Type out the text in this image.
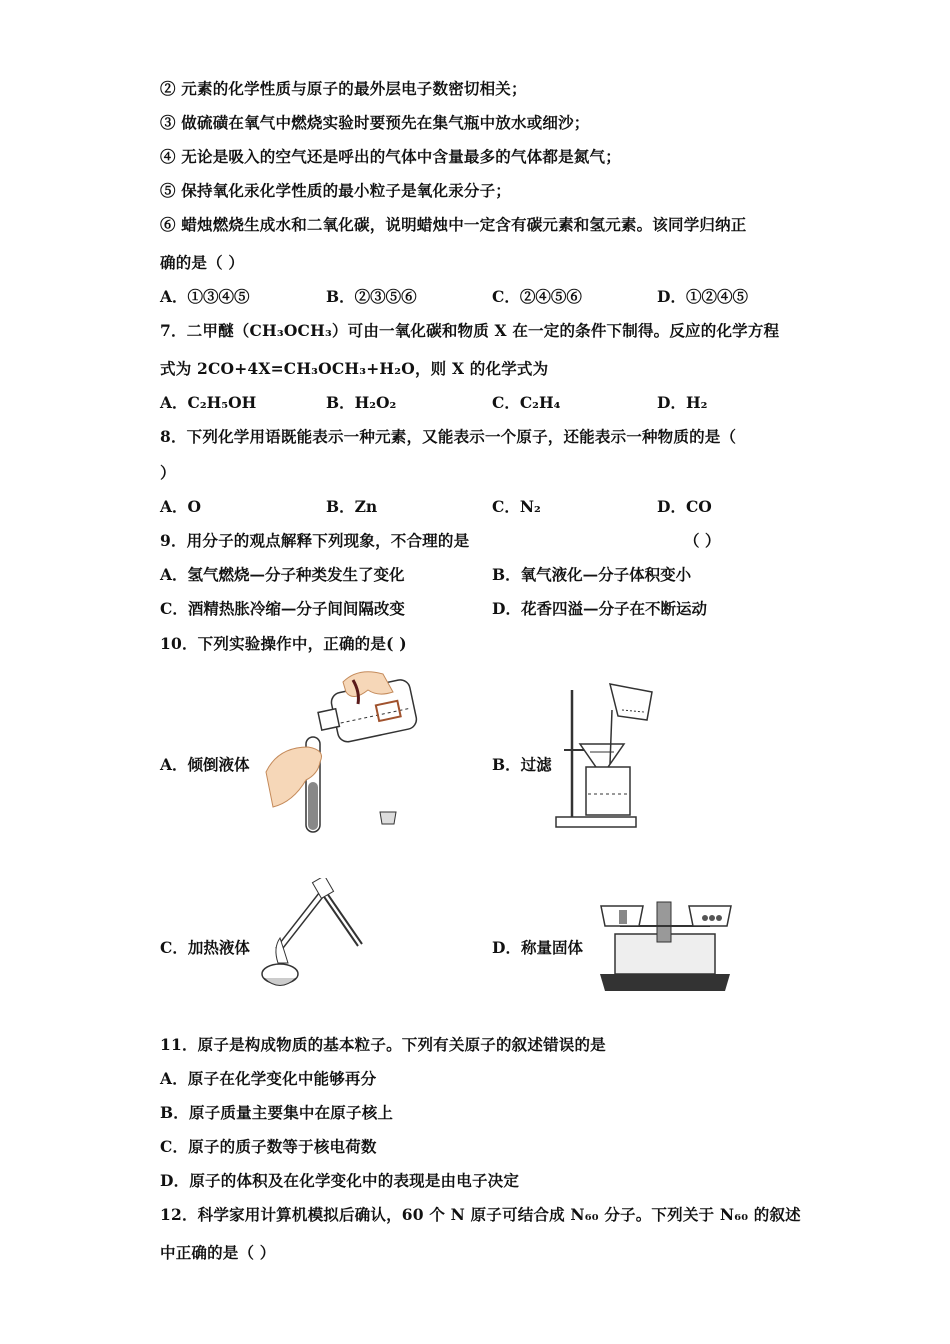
② 元素的化学性质与原子的最外层电子数密切相关；
③ 做硫磺在氧气中燃烧实验时要预先在集气瓶中放水或细沙；
④ 无论是吸入的空气还是呼出的气体中含量最多的气体都是氮气；
⑤ 保持氧化汞化学性质的最小粒子是氧化汞分子；
⑥ 蜡烛燃烧生成水和二氧化碳，说明蜡烛中一定含有碳元素和氢元素。该同学归纳正
确的是（ ）
A．①③④⑤	B．②③⑤⑥	C．②④⑤⑥	D．①②④⑤
7．二甲醚（CH₃OCH₃）可由一氧化碳和物质 X 在一定的条件下制得。反应的化学方程
式为 2CO+4X=CH₃OCH₃+H₂O，则 X 的化学式为
A．C₂H₅OH	B．H₂O₂	C．C₂H₄	D．H₂
8．下列化学用语既能表示一种元素，又能表示一个原子，还能表示一种物质的是（
）
A．O	B．Zn	C．N₂	D．CO
9．用分子的观点解释下列现象，不合理的是	（ ）
A．氢气燃烧—分子种类发生了变化	B．氧气液化—分子体积变小
C．酒精热胀冷缩—分子间间隔改变	D．花香四溢—分子在不断运动
10．下列实验操作中，正确的是( )
A．倾倒液体	B．过滤
C．加热液体	D．称量固体
11．原子是构成物质的基本粒子。下列有关原子的叙述错误的是
A．原子在化学变化中能够再分
B．原子质量主要集中在原子核上
C．原子的质子数等于核电荷数
D．原子的体积及在化学变化中的表现是由电子决定
12．科学家用计算机模拟后确认，60 个 N 原子可结合成 N₆₀ 分子。下列关于 N₆₀ 的叙述
中正确的是（ ）
